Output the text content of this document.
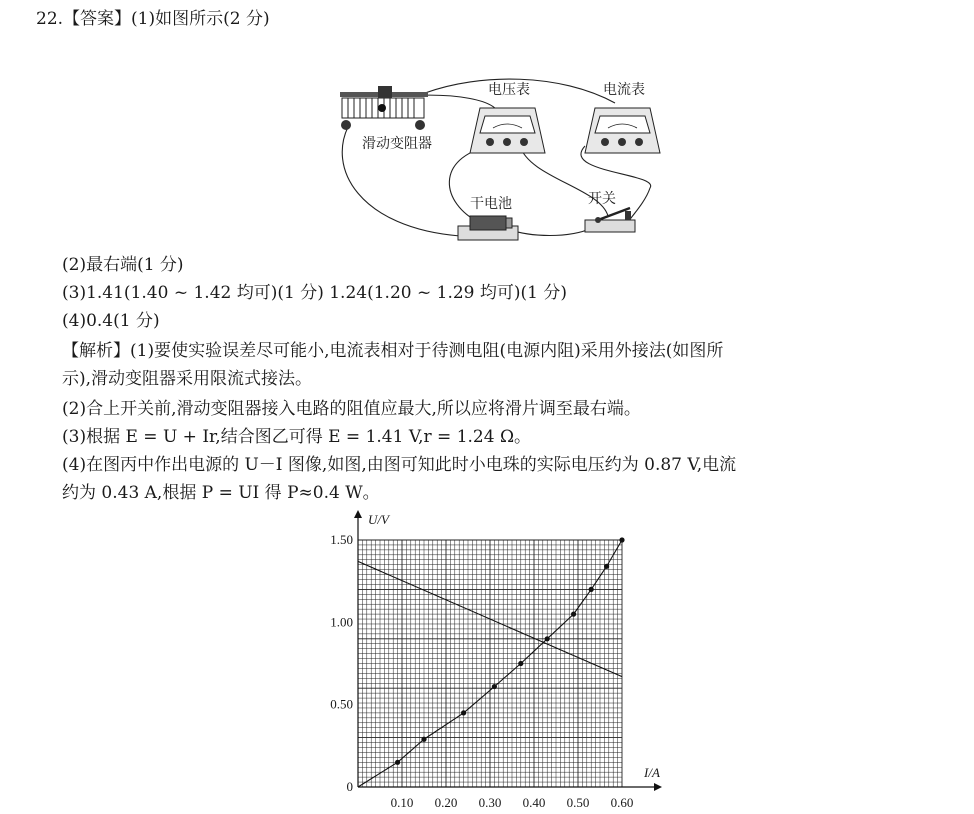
22.【答案】(1)如图所示(2 分)
滑动变阻器
电压表	电流表
干电池	开关
(2)最右端(1 分)
(3)1.41(1.40 ~ 1.42 均可)(1 分) 1.24(1.20 ~ 1.29 均可)(1 分)
(4)0.4(1 分)
【解析】(1)要使实验误差尽可能小,电流表相对于待测电阻(电源内阻)采用外接法(如图所
示),滑动变阻器采用限流式接法。
(2)合上开关前,滑动变阻器接入电路的阻值应最大,所以应将滑片调至最右端。
(3)根据 E = U + Ir,结合图乙可得 E = 1.41 V,r = 1.24 Ω。
(4)在图丙中作出电源的 U－I 图像,如图,由图可知此时小电珠的实际电压约为 0.87 V,电流
约为 0.43 A,根据 P = UI 得 P≈0.4 W。
0.10 0.20 0.30 0.40 0.50 0.60
0.50
1.00
1.50
0
U/V
I/A
